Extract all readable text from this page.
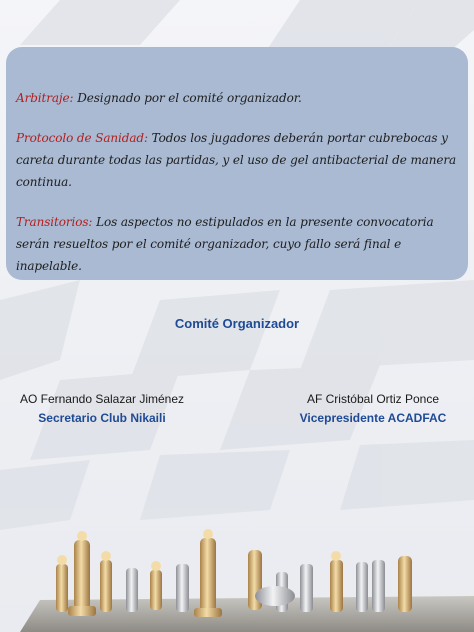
Arbitraje: Designado por el comité organizador.

Protocolo de Sanidad: Todos los jugadores deberán portar cubrebocas y careta durante todas las partidas, y el uso de gel antibacterial de manera continua.

Transitorios: Los aspectos no estipulados en la presente convocatoria serán resueltos por el comité organizador, cuyo fallo será final e inapelable.

Comité Organizador
AO Fernando Salazar Jiménez
Secretario Club Nikaili
AF Cristóbal Ortiz Ponce
Vicepresidente ACADFAC
